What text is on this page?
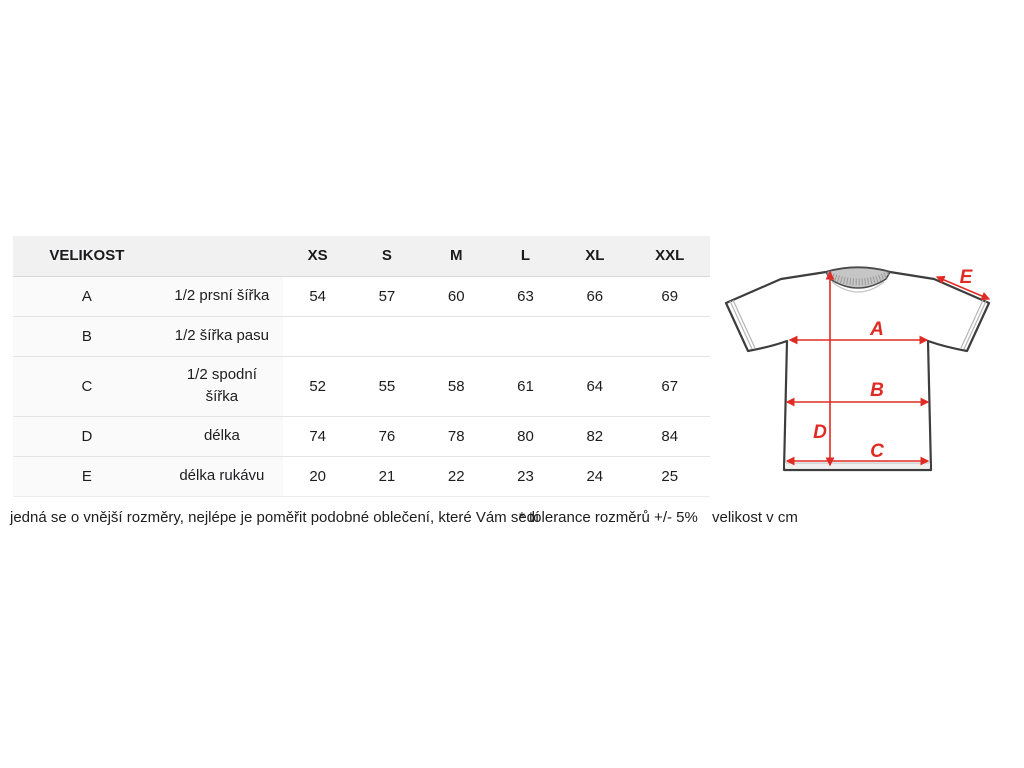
VELIKOST		XS	S	M	L	XL	XXL
A	1/2 prsní šířka	54	57	60	63	66	69
B	1/2 šířka pasu						
C	1/2 spodní šířka	52	55	58	61	64	67
D	délka	74	76	78	80	82	84
E	délka rukávu	20	21	22	23	24	25
jedná se o vnější rozměry, nejlépe je poměřit podobné oblečení, které Vám sedí
* tolerance rozměrů +/- 5% velikost v cm
A
B
C
D
E
